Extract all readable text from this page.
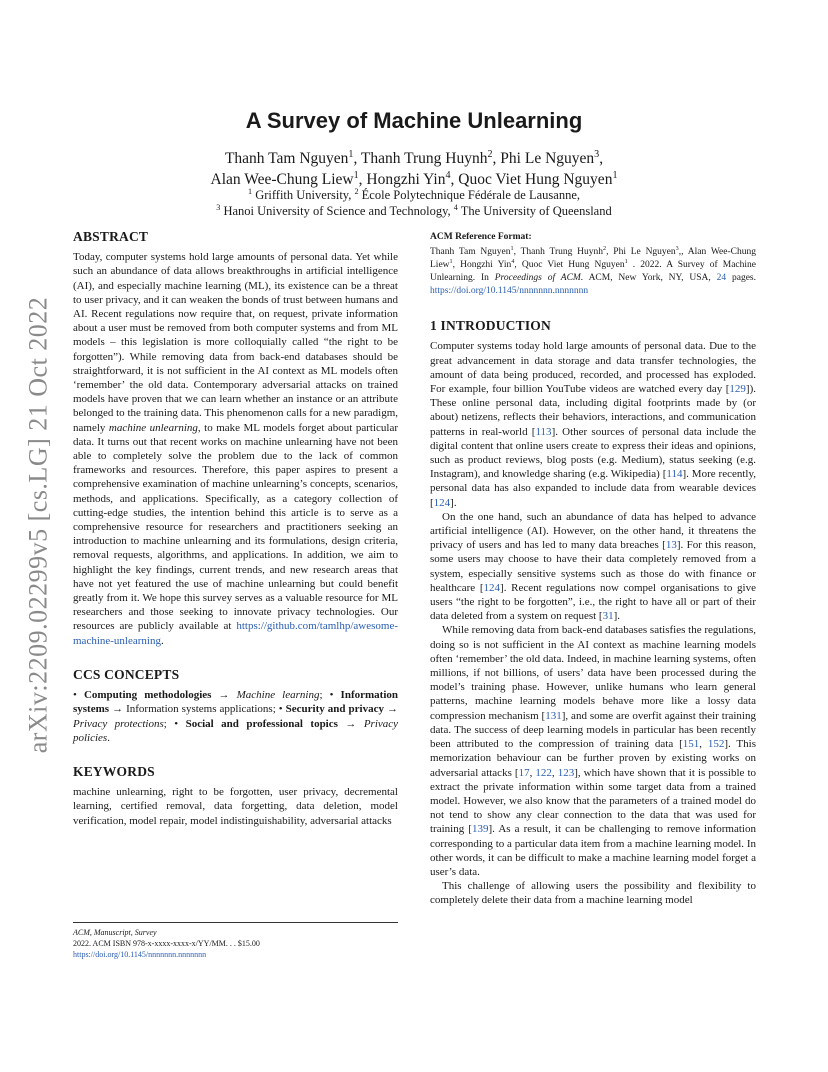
arXiv:2209.02299v5 [cs.LG] 21 Oct 2022
A Survey of Machine Unlearning
Thanh Tam Nguyen$^1$, Thanh Trung Huynh$^2$, Phi Le Nguyen$^3$,
Alan Wee-Chung Liew$^1$, Hongzhi Yin$^4$, Quoc Viet Hung Nguyen$^1$
$^1$ Griffith University, $^2$ École Polytechnique Fédérale de Lausanne,
$^3$ Hanoi University of Science and Technology, $^4$ The University of Queensland
ABSTRACT

Today, computer systems hold large amounts of personal data. Yet while such an abundance of data allows breakthroughs in artificial intelligence (AI), and especially machine learning (ML), its existence can be a threat to user privacy, and it can weaken the bonds of trust between humans and AI. Recent regulations now require that, on request, private information about a user must be removed from both computer systems and from ML models – this legislation is more colloquially called “the right to be forgotten”). While removing data from back-end databases should be straightforward, it is not sufficient in the AI context as ML models often ‘remember’ the old data. Contemporary adversarial attacks on trained models have proven that we can learn whether an instance or an attribute belonged to the training data. This phenomenon calls for a new paradigm, namely machine unlearning, to make ML models forget about particular data. It turns out that recent works on machine unlearning have not been able to completely solve the problem due to the lack of common frameworks and resources. Therefore, this paper aspires to present a comprehensive examination of machine unlearning’s concepts, scenarios, methods, and applications. Specifically, as a category collection of cutting-edge studies, the intention behind this article is to serve as a comprehensive resource for researchers and practitioners seeking an introduction to machine unlearning and its formulations, design criteria, removal requests, algorithms, and applications. In addition, we aim to highlight the key findings, current trends, and new research areas that have not yet featured the use of machine unlearning but could benefit greatly from it. We hope this survey serves as a valuable resource for ML researchers and those seeking to innovate privacy technologies. Our resources are publicly available at https://github.com/tamlhp/awesome-machine-unlearning.

CCS CONCEPTS

• Computing methodologies → Machine learning; • Information systems → Information systems applications; • Security and privacy → Privacy protections; • Social and professional topics → Privacy policies.

KEYWORDS

machine unlearning, right to be forgotten, user privacy, decremental learning, certified removal, data forgetting, data deletion, model verification, model repair, model indistinguishability, adversarial attacks

ACM, Manuscript, Survey
2022. ACM ISBN 978-x-xxxx-xxxx-x/YY/MM. . . $15.00
https://doi.org/10.1145/nnnnnnn.nnnnnnn
ACM Reference Format:

Thanh Tam Nguyen$^1$, Thanh Trung Huynh$^2$, Phi Le Nguyen$^3$,, Alan Wee-Chung Liew$^1$, Hongzhi Yin$^4$, Quoc Viet Hung Nguyen$^1$ . 2022. A Survey of Machine Unlearning. In Proceedings of ACM. ACM, New York, NY, USA, 24 pages. https://doi.org/10.1145/nnnnnnn.nnnnnnn

1 INTRODUCTION

Computer systems today hold large amounts of personal data. Due to the great advancement in data storage and data transfer technologies, the amount of data being produced, recorded, and processed has exploded. For example, four billion YouTube videos are watched every day [129]). These online personal data, including digital footprints made by (or about) netizens, reflects their behaviors, interactions, and communication patterns in real-world [113]. Other sources of personal data include the digital content that online users create to express their ideas and opinions, such as product reviews, blog posts (e.g. Medium), status seeking (e.g. Instagram), and knowledge sharing (e.g. Wikipedia) [114]. More recently, personal data has also expanded to include data from wearable devices [124].

On the one hand, such an abundance of data has helped to advance artificial intelligence (AI). However, on the other hand, it threatens the privacy of users and has led to many data breaches [13]. For this reason, some users may choose to have their data completely removed from a system, especially sensitive systems such as those do with finance or healthcare [124]. Recent regulations now compel organisations to give users “the right to be forgotten”, i.e., the right to have all or part of their data deleted from a system on request [31].

While removing data from back-end databases satisfies the regulations, doing so is not sufficient in the AI context as machine learning models often ‘remember’ the old data. Indeed, in machine learning systems, often millions, if not billions, of users’ data have been processed during the model’s training phase. However, unlike humans who learn general patterns, machine learning models behave more like a lossy data compression mechanism [131], and some are overfit against their training data. The success of deep learning models in particular has been recently been attributed to the compression of training data [151, 152]. This memorization behaviour can be further proven by existing works on adversarial attacks [17, 122, 123], which have shown that it is possible to extract the private information within some target data from a trained model. However, we also know that the parameters of a trained model do not tend to show any clear connection to the data that was used for training [139]. As a result, it can be challenging to remove information corresponding to a particular data item from a machine learning model. In other words, it can be difficult to make a machine learning model forget a user’s data.

This challenge of allowing users the possibility and flexibility to completely delete their data from a machine learning model
